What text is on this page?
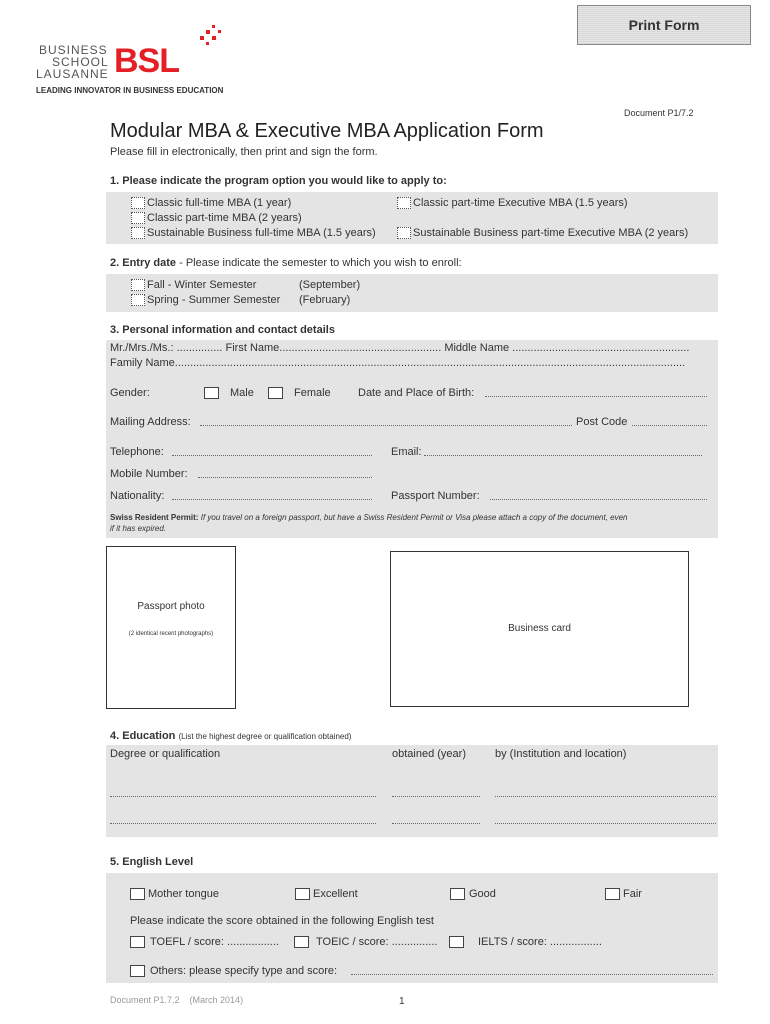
Print Form
BUSINESS
SCHOOL
LAUSANNE BSL
LEADING INNOVATOR IN BUSINESS EDUCATION
Document P1/7.2
Modular MBA & Executive MBA Application Form
Please fill in electronically, then print and sign the form.
1. Please indicate the program option you would like to apply to:
Classic full-time MBA (1 year)
Classic part-time MBA (2 years)
Sustainable Business full-time MBA (1.5 years)
Classic part-time Executive MBA (1.5 years)
Sustainable Business part-time Executive MBA (2 years)
2. Entry date - Please indicate the semester to which you wish to enroll:
Fall - Winter Semester	(September)
Spring - Summer Semester (February)
3. Personal information and contact details
Mr./Mrs./Ms.: ............... First Name..................................................... Middle Name ..........................................................
Family Name.......................................................................................................................................................................
Gender:	Male	Female Date and Place of Birth:
Mailing Address:	Post Code
Telephone:	Email:
Mobile Number:
Nationality:	Passport Number:
Swiss Resident Permit: If you travel on a foreign passport, but have a Swiss Resident Permit or Visa please attach a copy of the document, even
if it has expired.
Passport photo
(2 identical recent photographs)	Business card
4. Education (List the highest degree or qualification obtained)
Degree or qualification	obtained (year)	by (Institution and location)
5. English Level
Mother tongue	Excellent	Good	Fair
Please indicate the score obtained in the following English test
TOEFL / score: .................	TOEIC / score: ...............	IELTS / score: .................
Others: please specify type and score:
Document P1.7.2    (March 2014)	1
